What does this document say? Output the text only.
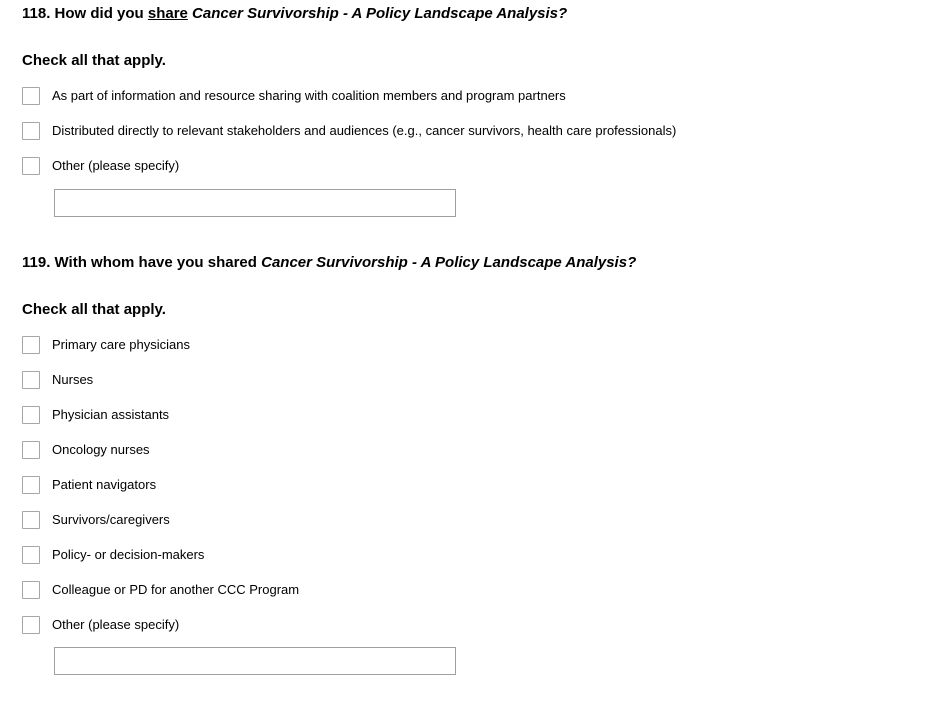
118. How did you share Cancer Survivorship - A Policy Landscape Analysis?
Check all that apply.
As part of information and resource sharing with coalition members and program partners
Distributed directly to relevant stakeholders and audiences (e.g., cancer survivors, health care professionals)
Other (please specify)
119. With whom have you shared Cancer Survivorship - A Policy Landscape Analysis?
Check all that apply.
Primary care physicians
Nurses
Physician assistants
Oncology nurses
Patient navigators
Survivors/caregivers
Policy- or decision-makers
Colleague or PD for another CCC Program
Other (please specify)
